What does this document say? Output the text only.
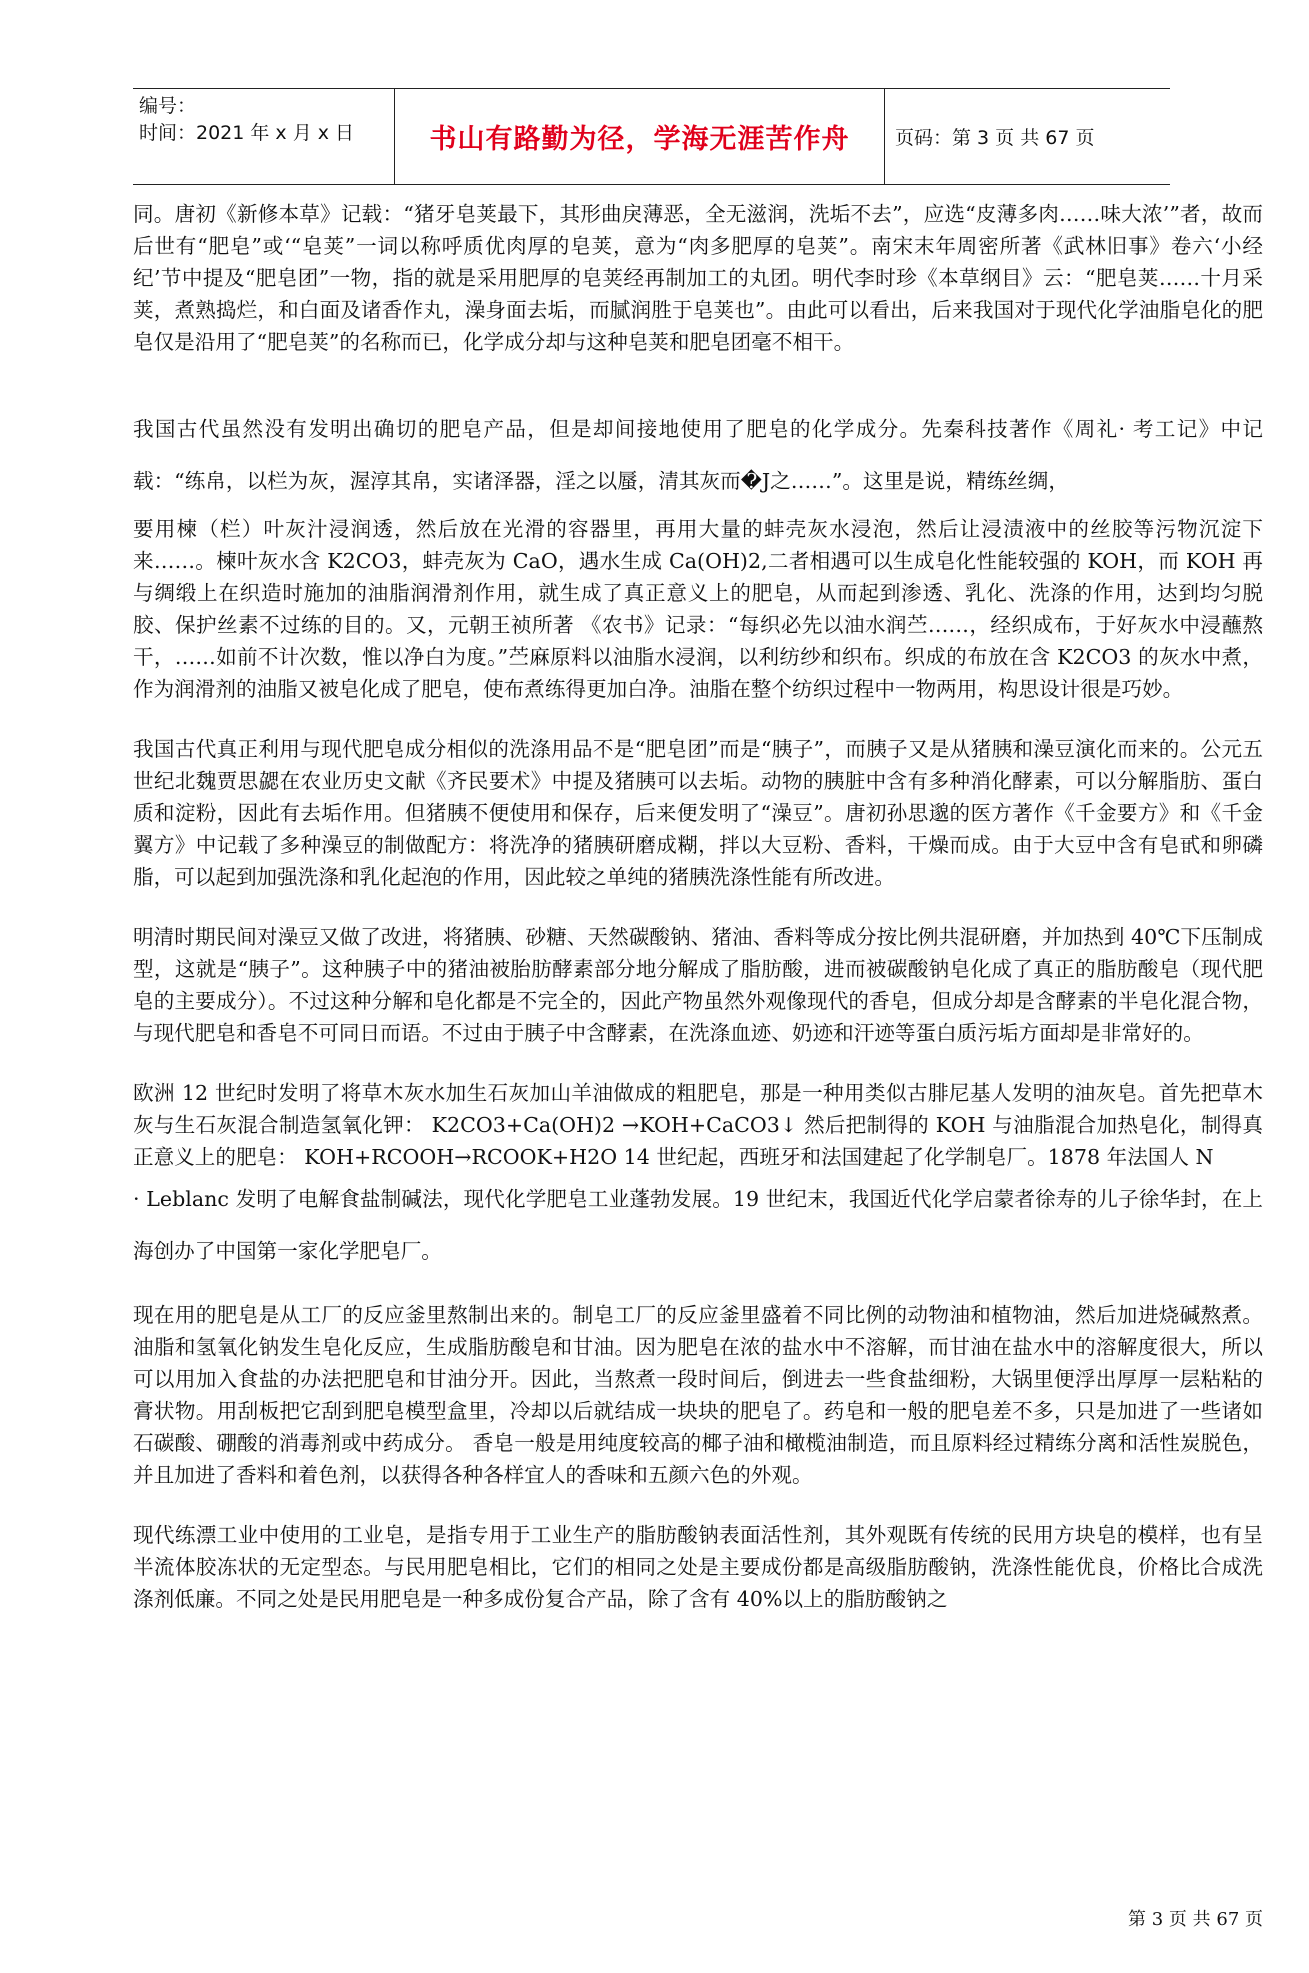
编号：
时间：2021 年 x 月 x 日	书山有路勤为径，学海无涯苦作舟 页码：第 3 页 共 67 页

同。唐初《新修本草》记载：“猪牙皂荚最下，其形曲戾薄恶，全无滋润，洗垢不去”，应选“皮薄多肉……味大浓’”者，故而后世有“肥皂”或‘“皂荚”一词以称呼质优肉厚的皂荚，意为“肉多肥厚的皂荚”。南宋末年周密所著《武林旧事》卷六‘小经纪’节中提及“肥皂团”一物，指的就是采用肥厚的皂荚经再制加工的丸团。明代李时珍《本草纲目》云：“肥皂荚……十月采荚，煮熟捣烂，和白面及诸香作丸，澡身面去垢，而腻润胜于皂荚也”。由此可以看出，后来我国对于现代化学油脂皂化的肥皂仅是沿用了“肥皂荚”的名称而已，化学成分却与这种皂荚和肥皂团毫不相干。

我国古代虽然没有发明出确切的肥皂产品，但是却间接地使用了肥皂的化学成分。先秦科技著作《周礼· 考工记》中记载：“练帛，以栏为灰，渥淳其帛，实诸泽器，淫之以蜃，清其灰而�J之……”。这里是说，精练丝绸，

要用楝（栏）叶灰汁浸润透，然后放在光滑的容器里，再用大量的蚌壳灰水浸泡，然后让浸渍液中的丝胶等污物沉淀下来……。楝叶灰水含 K2CO3，蚌壳灰为 CaO，遇水生成 Ca(OH)2,二者相遇可以生成皂化性能较强的 KOH，而 KOH 再与绸缎上在织造时施加的油脂润滑剂作用，就生成了真正意义上的肥皂，从而起到渗透、乳化、洗涤的作用，达到均匀脱胶、保护丝素不过练的目的。又，元朝王祯所著 《农书》记录：“每织必先以油水润苎……，经织成布，于好灰水中浸蘸熬干，……如前不计次数，惟以净白为度。”苎麻原料以油脂水浸润，以利纺纱和织布。织成的布放在含 K2CO3 的灰水中煮，作为润滑剂的油脂又被皂化成了肥皂，使布煮练得更加白净。油脂在整个纺织过程中一物两用，构思设计很是巧妙。

我国古代真正利用与现代肥皂成分相似的洗涤用品不是“肥皂团”而是“胰子”，而胰子又是从猪胰和澡豆演化而来的。公元五世纪北魏贾思勰在农业历史文献《齐民要术》中提及猪胰可以去垢。动物的胰脏中含有多种消化酵素，可以分解脂肪、蛋白质和淀粉，因此有去垢作用。但猪胰不便使用和保存，后来便发明了“澡豆”。唐初孙思邈的医方著作《千金要方》和《千金翼方》中记载了多种澡豆的制做配方：将洗净的猪胰研磨成糊，拌以大豆粉、香料，干燥而成。由于大豆中含有皂甙和卵磷脂，可以起到加强洗涤和乳化起泡的作用，因此较之单纯的猪胰洗涤性能有所改进。

明清时期民间对澡豆又做了改进，将猪胰、砂糖、天然碳酸钠、猪油、香料等成分按比例共混研磨，并加热到 40℃下压制成型，这就是“胰子”。这种胰子中的猪油被胎肪酵素部分地分解成了脂肪酸，进而被碳酸钠皂化成了真正的脂肪酸皂（现代肥皂的主要成分）。不过这种分解和皂化都是不完全的，因此产物虽然外观像现代的香皂，但成分却是含酵素的半皂化混合物，与现代肥皂和香皂不可同日而语。不过由于胰子中含酵素，在洗涤血迹、奶迹和汗迹等蛋白质污垢方面却是非常好的。

欧洲 12 世纪时发明了将草木灰水加生石灰加山羊油做成的粗肥皂，那是一种用类似古腓尼基人发明的油灰皂。首先把草木灰与生石灰混合制造氢氧化钾： K2CO3+Ca(OH)2 →KOH+CaCO3↓ 然后把制得的 KOH 与油脂混合加热皂化，制得真正意义上的肥皂： KOH+RCOOH→RCOOK+H2O 14 世纪起，西班牙和法国建起了化学制皂厂。1878 年法国人 N

· Leblanc 发明了电解食盐制碱法，现代化学肥皂工业蓬勃发展。19 世纪末，我国近代化学启蒙者徐寿的儿子徐华封，在上海创办了中国第一家化学肥皂厂。

现在用的肥皂是从工厂的反应釜里熬制出来的。制皂工厂的反应釜里盛着不同比例的动物油和植物油，然后加进烧碱熬煮。油脂和氢氧化钠发生皂化反应，生成脂肪酸皂和甘油。因为肥皂在浓的盐水中不溶解，而甘油在盐水中的溶解度很大，所以可以用加入食盐的办法把肥皂和甘油分开。因此，当熬煮一段时间后，倒进去一些食盐细粉，大锅里便浮出厚厚一层粘粘的膏状物。用刮板把它刮到肥皂模型盒里，冷却以后就结成一块块的肥皂了。药皂和一般的肥皂差不多，只是加进了一些诸如石碳酸、硼酸的消毒剂或中药成分。 香皂一般是用纯度较高的椰子油和橄榄油制造，而且原料经过精练分离和活性炭脱色，并且加进了香料和着色剂，以获得各种各样宜人的香味和五颜六色的外观。

现代练漂工业中使用的工业皂，是指专用于工业生产的脂肪酸钠表面活性剂，其外观既有传统的民用方块皂的模样，也有呈半流体胶冻状的无定型态。与民用肥皂相比，它们的相同之处是主要成份都是高级脂肪酸钠，洗涤性能优良，价格比合成洗涤剂低廉。不同之处是民用肥皂是一种多成份复合产品，除了含有 40%以上的脂肪酸钠之

第 3 页 共 67 页
